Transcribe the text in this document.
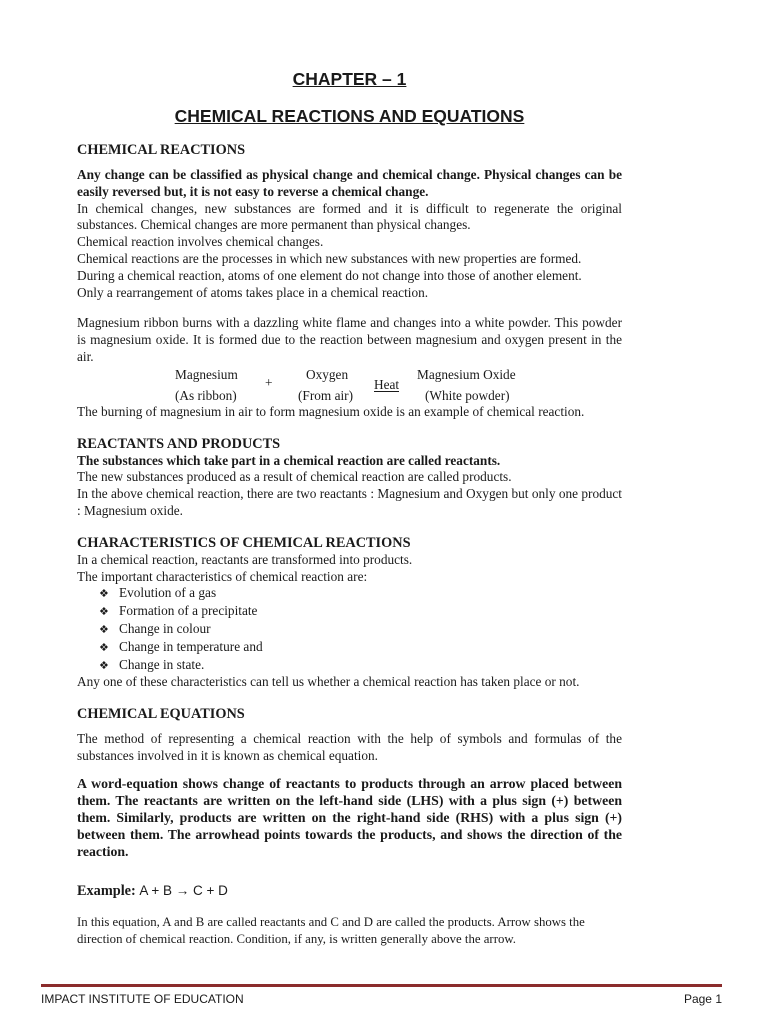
CHAPTER – 1

CHEMICAL REACTIONS AND EQUATIONS

CHEMICAL REACTIONS

Any change can be classified as physical change and chemical change. Physical changes can be easily reversed but, it is not easy to reverse a chemical change.

In chemical changes, new substances are formed and it is difficult to regenerate the original substances. Chemical changes are more permanent than physical changes.

Chemical reaction involves chemical changes.

Chemical reactions are the processes in which new substances with new properties are formed.

During a chemical reaction, atoms of one element do not change into those of another element.

Only a rearrangement of atoms takes place in a chemical reaction.

Magnesium ribbon burns with a dazzling white flame and changes into a white powder. This powder is magnesium oxide. It is formed due to the reaction between magnesium and oxygen present in the air.

Magnesium
(As ribbon)
+
Oxygen
(From air)
Heat
Magnesium Oxide
(White powder)

The burning of magnesium in air to form magnesium oxide is an example of chemical reaction.

REACTANTS AND PRODUCTS

The substances which take part in a chemical reaction are called reactants.

The new substances produced as a result of chemical reaction are called products.

In the above chemical reaction, there are two reactants : Magnesium and Oxygen but only one product : Magnesium oxide.

CHARACTERISTICS OF CHEMICAL REACTIONS

In a chemical reaction, reactants are transformed into products.

The important characteristics of chemical reaction are:

❖ Evolution of a gas
❖ Formation of a precipitate
❖ Change in colour
❖ Change in temperature and
❖ Change in state.

Any one of these characteristics can tell us whether a chemical reaction has taken place or not.

CHEMICAL EQUATIONS

The method of representing a chemical reaction with the help of symbols and formulas of the substances involved in it is known as chemical equation.

A word-equation shows change of reactants to products through an arrow placed between them. The reactants are written on the left-hand side (LHS) with a plus sign (+) between them. Similarly, products are written on the right-hand side (RHS) with a plus sign (+) between them. The arrowhead points towards the products, and shows the direction of the reaction.

Example: A + B → C + D

In this equation, A and B are called reactants and C and D are called the products. Arrow shows the direction of chemical reaction. Condition, if any, is written generally above the arrow.

IMPACT INSTITUTE OF EDUCATION	Page 1
